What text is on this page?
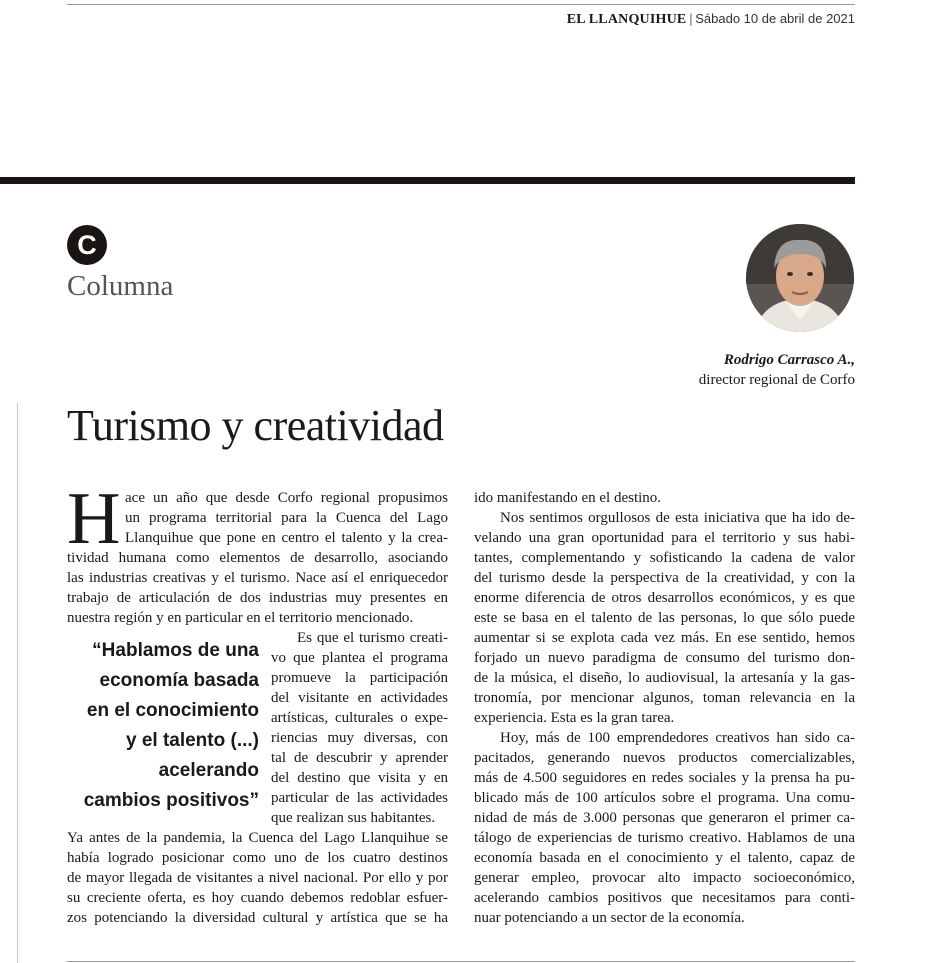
EL LLANQUIHUE | Sábado 10 de abril de 2021
C
Columna
Rodrigo Carrasco A.,
director regional de Corfo
Turismo y creatividad
H ace un año que desde Corfo regional propusimos
un programa territorial para la Cuenca del Lago
Llanquihue que pone en centro el talento y la crea-
tividad humana como elementos de desarrollo, asociando
las industrias creativas y el turismo. Nace así el enriquecedor
trabajo de articulación de dos industrias muy presentes en
nuestra región y en particular en el territorio mencionado.
“Hablamos de una
economía basada
en el conocimiento
y el talento (...)
acelerando
cambios positivos”
Es que el turismo creati-
vo que plantea el programa
promueve la participación
del visitante en actividades
artísticas, culturales o expe-
riencias muy diversas, con
tal de descubrir y aprender
del destino que visita y en
particular de las actividades
que realizan sus habitantes.
Ya antes de la pandemia, la Cuenca del Lago Llanquihue se
había logrado posicionar como uno de los cuatro destinos
de mayor llegada de visitantes a nivel nacional. Por ello y por
su creciente oferta, es hoy cuando debemos redoblar esfuer-
zos potenciando la diversidad cultural y artística que se ha
ido manifestando en el destino.
Nos sentimos orgullosos de esta iniciativa que ha ido de-
velando una gran oportunidad para el territorio y sus habi-
tantes, complementando y sofisticando la cadena de valor
del turismo desde la perspectiva de la creatividad, y con la
enorme diferencia de otros desarrollos económicos, y es que
este se basa en el talento de las personas, lo que sólo puede
aumentar si se explota cada vez más. En ese sentido, hemos
forjado un nuevo paradigma de consumo del turismo don-
de la música, el diseño, lo audiovisual, la artesanía y la gas-
tronomía, por mencionar algunos, toman relevancia en la
experiencia. Esta es la gran tarea.
Hoy, más de 100 emprendedores creativos han sido ca-
pacitados, generando nuevos productos comercializables,
más de 4.500 seguidores en redes sociales y la prensa ha pu-
blicado más de 100 artículos sobre el programa. Una comu-
nidad de más de 3.000 personas que generaron el primer ca-
tálogo de experiencias de turismo creativo. Hablamos de una
economía basada en el conocimiento y el talento, capaz de
generar empleo, provocar alto impacto socioeconómico,
acelerando cambios positivos que necesitamos para conti-
nuar potenciando a un sector de la economía.
